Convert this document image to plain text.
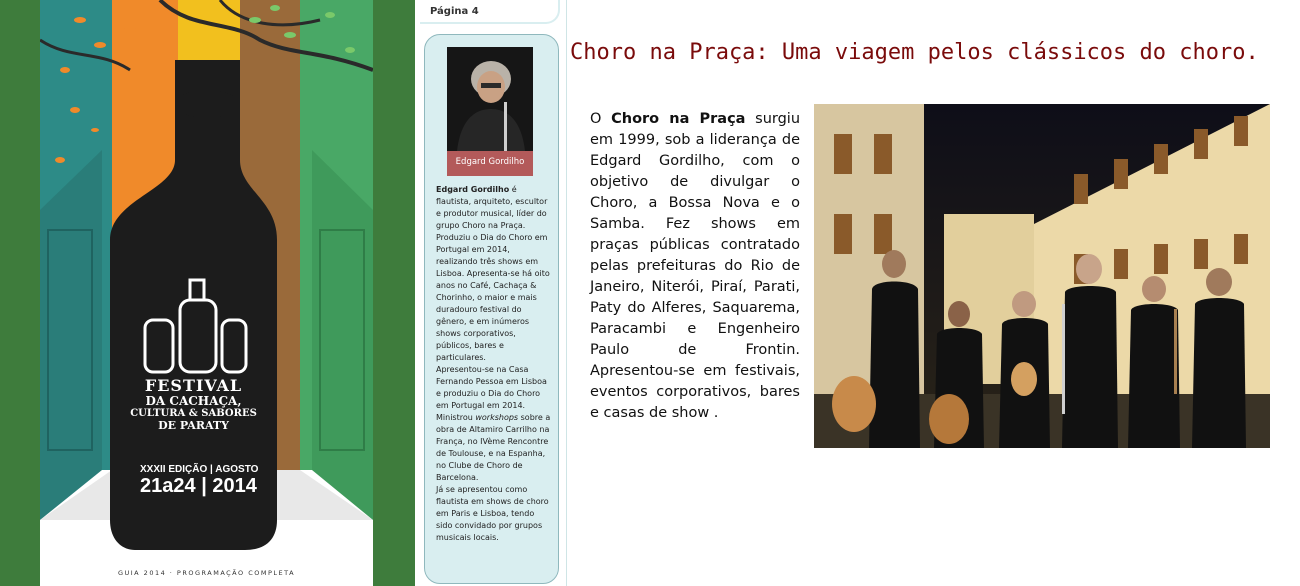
FESTIVAL
DA CACHAÇA,
CULTURA & SABORES
DE PARATY
XXXII EDIÇÃO | AGOSTO
21a24 | 2014
GUIA 2014 · PROGRAMAÇÃO COMPLETA
Página 4
Edgard Gordilho

Edgard Gordilho é flautista, arquiteto, escultor e produtor musical, líder do grupo Choro na Praça. Produziu o Dia do Choro em Portugal em 2014, realizando três shows em Lisboa. Apresenta-se há oito anos no Café, Cachaça & Chorinho, o maior e mais duradouro festival do gênero, e em inúmeros shows corporativos, públicos, bares e particulares.

Apresentou-se na Casa Fernando Pessoa em Lisboa e produziu o Dia do Choro em Portugal em 2014. Ministrou workshops sobre a obra de Altamiro Carrilho na França, no IVème Rencontre de Toulouse, e na Espanha, no Clube de Choro de Barcelona.

Já se apresentou como flautista em shows de choro em Paris e Lisboa, tendo sido convidado por grupos musicais locais.

Choro na Praça: Uma viagem pelos clássicos do choro.

O Choro na Praça surgiu em 1999, sob a liderança de Edgard Gordilho, com o objetivo de divulgar o Choro, a Bossa Nova e o Samba. Fez shows em praças públicas contratado pelas prefeituras do Rio de Janeiro, Niterói, Piraí, Parati, Paty do Alferes, Saquarema, Paracambi e Engenheiro Paulo de Frontin. Apresentou-se em festivais, eventos corporativos, bares e casas de show .
